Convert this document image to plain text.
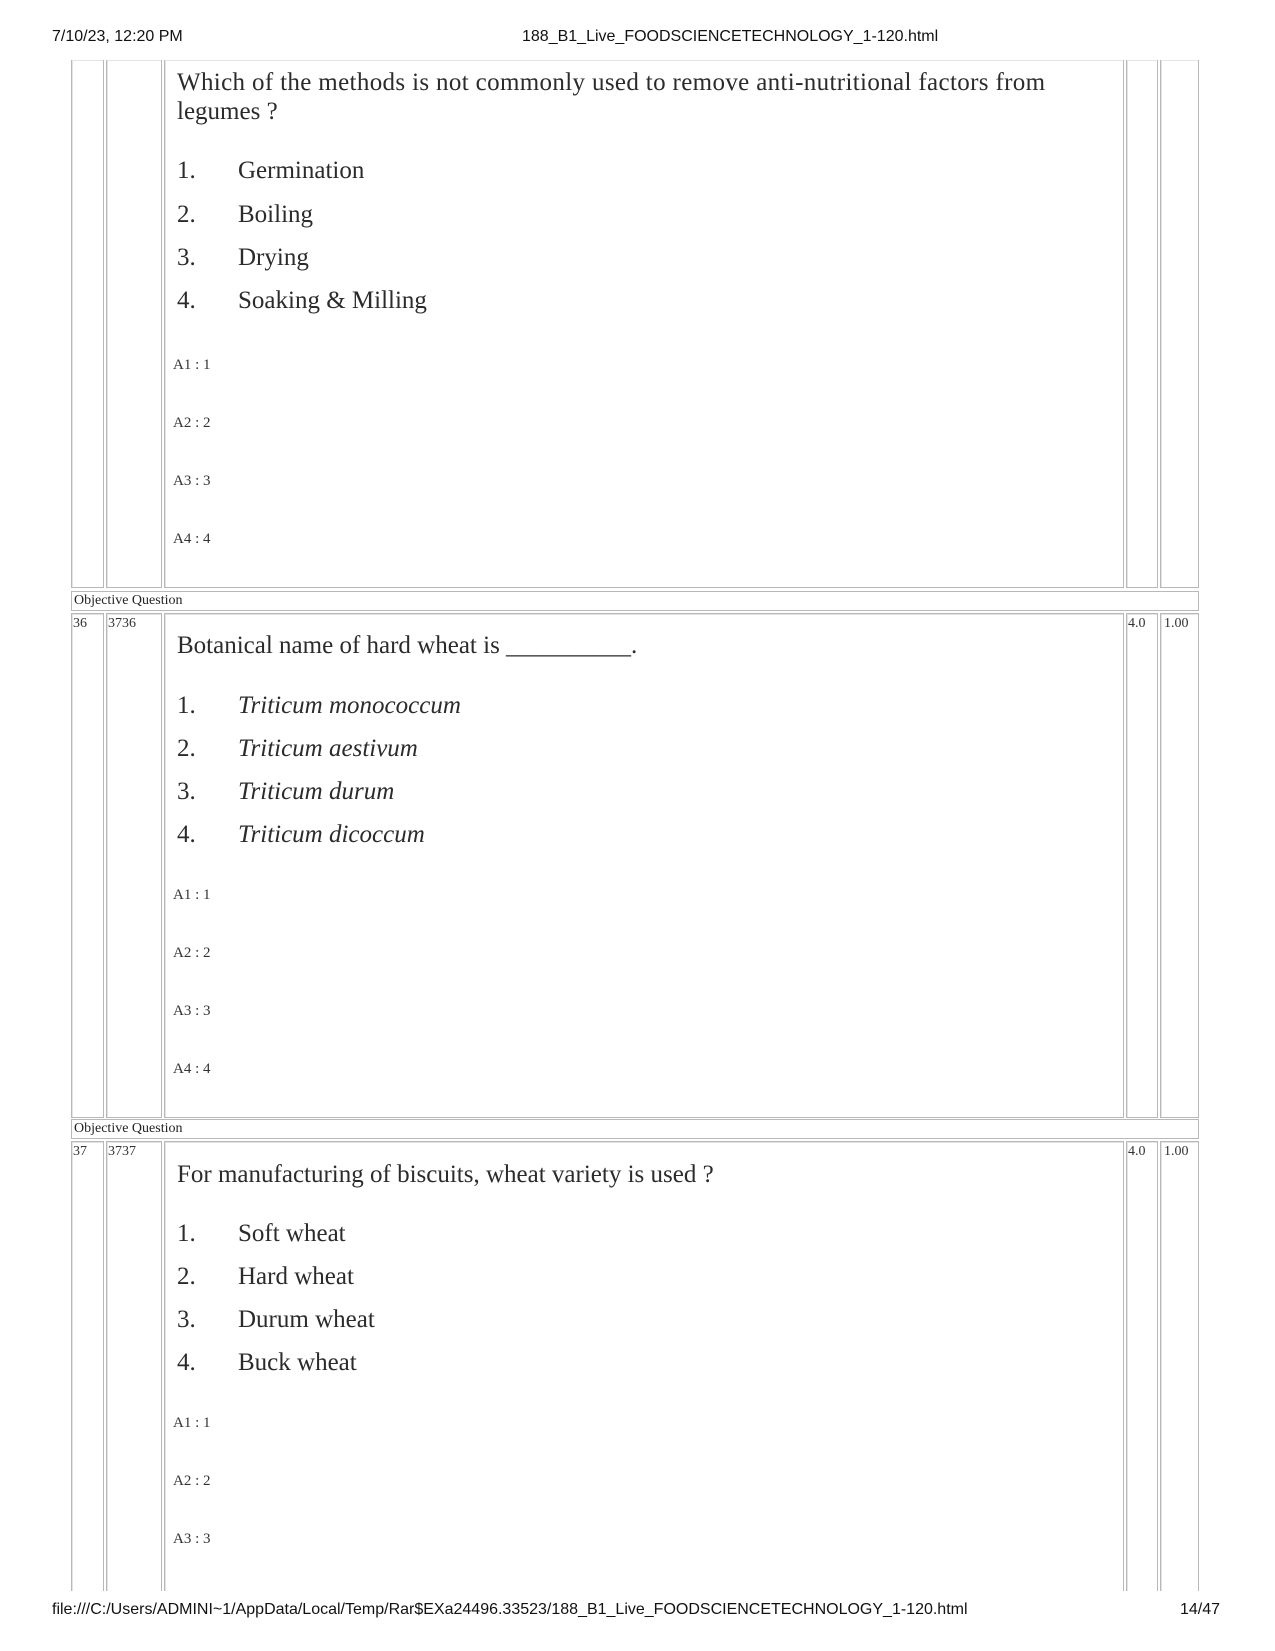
7/10/23, 12:20 PM	188_B1_Live_FOODSCIENCETECHNOLOGY_1-120.html
Which of the methods is not commonly used to remove anti-nutritional factors from
legumes ?
1. Germination
2. Boiling
3. Drying
4. Soaking & Milling
A1 : 1
A2 : 2
A3 : 3
A4 : 4
Objective Question
36 3736	4.0 1.00
Botanical name of hard wheat is __________.
1. Triticum monococcum
2. Triticum aestivum
3. Triticum durum
4. Triticum dicoccum
A1 : 1
A2 : 2
A3 : 3
A4 : 4
Objective Question
37 3737	4.0 1.00
For manufacturing of biscuits, wheat variety is used ?
1. Soft wheat
2. Hard wheat
3. Durum wheat
4. Buck wheat
A1 : 1
A2 : 2
A3 : 3
file:///C:/Users/ADMINI~1/AppData/Local/Temp/Rar$EXa24496.33523/188_B1_Live_FOODSCIENCETECHNOLOGY_1-120.html	14/47
